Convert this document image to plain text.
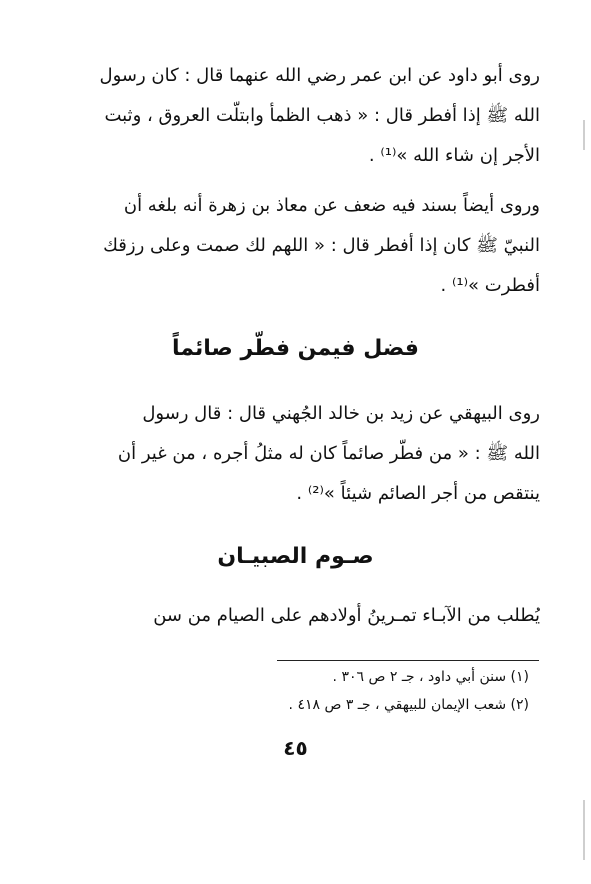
روى أبو داود عن ابن عمر رضي الله عنهما قال : كان رسول
الله ﷺ إذا أفطر قال : « ذهب الظمأ وابتلّت العروق ، وثبت
الأجر إن شاء الله »⁽¹⁾ .
وروى أيضاً بسند فيه ضعف عن معاذ بن زهرة أنه بلغه أن
النبيّ ﷺ كان إذا أفطر قال : « اللهم لك صمت وعلى رزقك
أفطرت »⁽¹⁾ .
فضل فيمن فطّر صائماً
روى البيهقي عن زيد بن خالد الجُهني قال : قال رسول
الله ﷺ : « من فطّر صائماً كان له مثلُ أجره ، من غير أن
ينتقص من أجر الصائم شيئاً »⁽²⁾ .
صـوم الصبيـان
يُطلب من الآبـاء تمـرينُ أولادهم على الصيام من سن
(١) سنن أبي داود ، جـ ٢ ص ٣٠٦ .
(٢) شعب الإيمان للبيهقي ، جـ ٣ ص ٤١٨ .
٤٥
